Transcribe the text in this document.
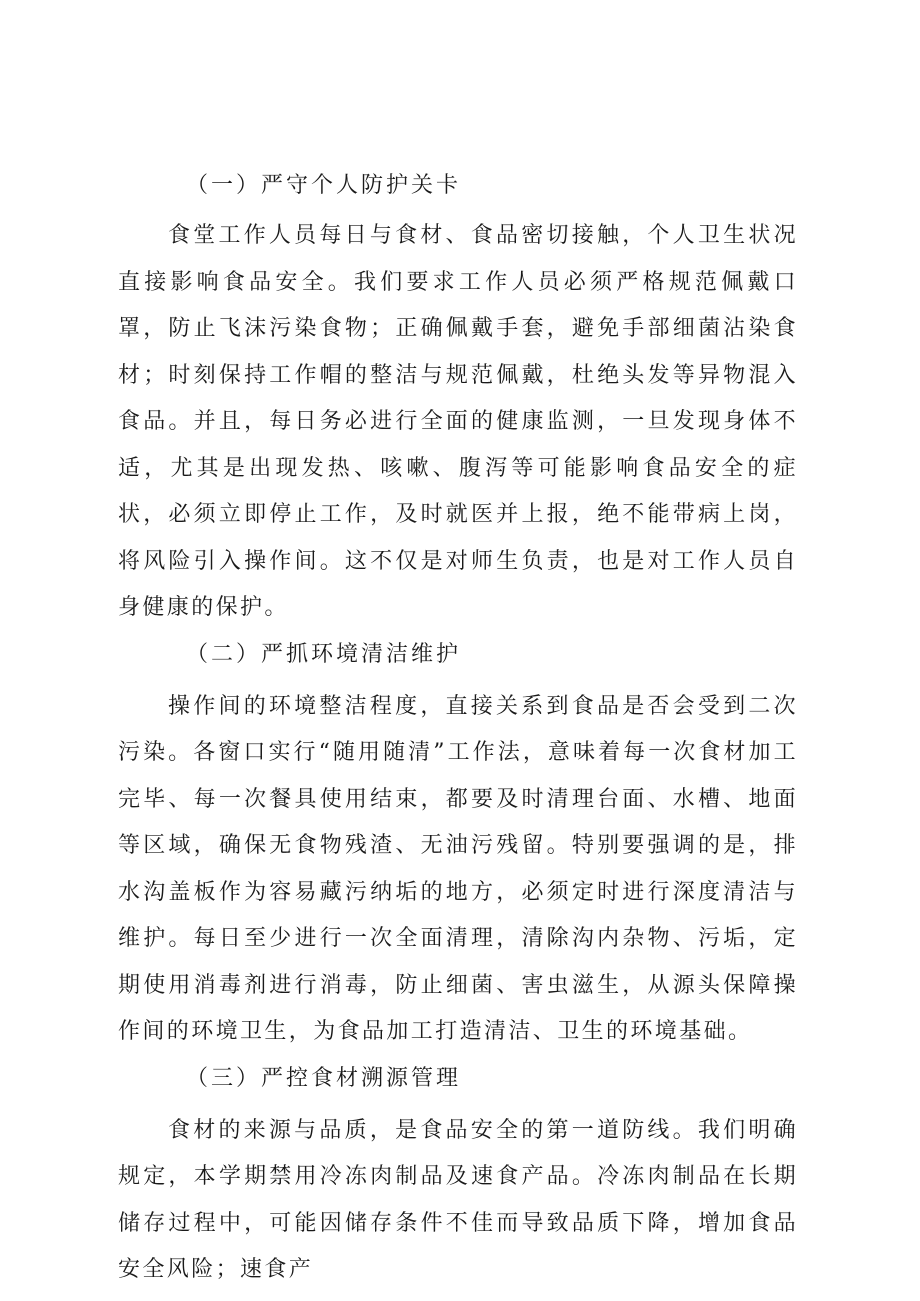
（一）严守个人防护关卡

食堂工作人员每日与食材、食品密切接触，个人卫生状况直接影响食品安全。我们要求工作人员必须严格规范佩戴口罩，防止飞沫污染食物；正确佩戴手套，避免手部细菌沾染食材；时刻保持工作帽的整洁与规范佩戴，杜绝头发等异物混入食品。并且，每日务必进行全面的健康监测，一旦发现身体不适，尤其是出现发热、咳嗽、腹泻等可能影响食品安全的症状，必须立即停止工作，及时就医并上报，绝不能带病上岗，将风险引入操作间。这不仅是对师生负责，也是对工作人员自身健康的保护。

（二）严抓环境清洁维护

操作间的环境整洁程度，直接关系到食品是否会受到二次污染。各窗口实行“随用随清”工作法，意味着每一次食材加工完毕、每一次餐具使用结束，都要及时清理台面、水槽、地面等区域，确保无食物残渣、无油污残留。特别要强调的是，排水沟盖板作为容易藏污纳垢的地方，必须定时进行深度清洁与维护。每日至少进行一次全面清理，清除沟内杂物、污垢，定期使用消毒剂进行消毒，防止细菌、害虫滋生，从源头保障操作间的环境卫生，为食品加工打造清洁、卫生的环境基础。

（三）严控食材溯源管理

食材的来源与品质，是食品安全的第一道防线。我们明确规定，本学期禁用冷冻肉制品及速食产品。冷冻肉制品在长期储存过程中，可能因储存条件不佳而导致品质下降，增加食品安全风险；速食产
